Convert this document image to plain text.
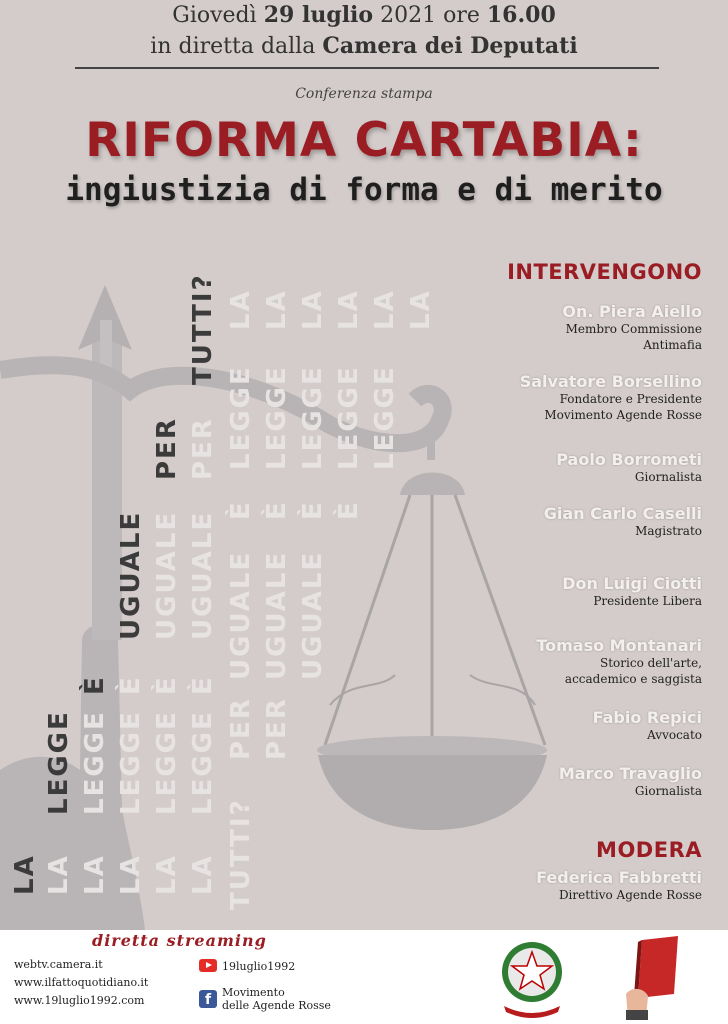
LA
LEGGE
È
UGUALE
PER
TUTTI?
LA LA LA LA LA
LEGGE LEGGE LEGGE LEGGE
È È È
UGUALE UGUALE
PER
LA LA LA LA LA LA
LEGGE LEGGE LEGGE LEGGE LEGGE
È È È È
UGUALE UGUALE UGUALE
PER PER
TUTTI?
Giovedì 29 luglio 2021 ore 16.00
in diretta dalla Camera dei Deputati
Conferenza stampa
RIFORMA CARTABIA:
ingiustizia di forma e di merito
INTERVENGONO
On. Piera Aiello
Membro Commissione
Antimafia
Salvatore Borsellino
Fondatore e Presidente
Movimento Agende Rosse
Paolo Borrometi
Giornalista
Gian Carlo Caselli
Magistrato
Don Luigi Ciotti
Presidente Libera
Tomaso Montanari
Storico dell'arte,
accademico e saggista
Fabio Repici
Avvocato
Marco Travaglio
Giornalista
MODERA
Federica Fabbretti
Direttivo Agende Rosse
diretta streaming
webtv.camera.it
www.ilfattoquotidiano.it
www.19luglio1992.com
19luglio1992
f Movimento
delle Agende Rosse
